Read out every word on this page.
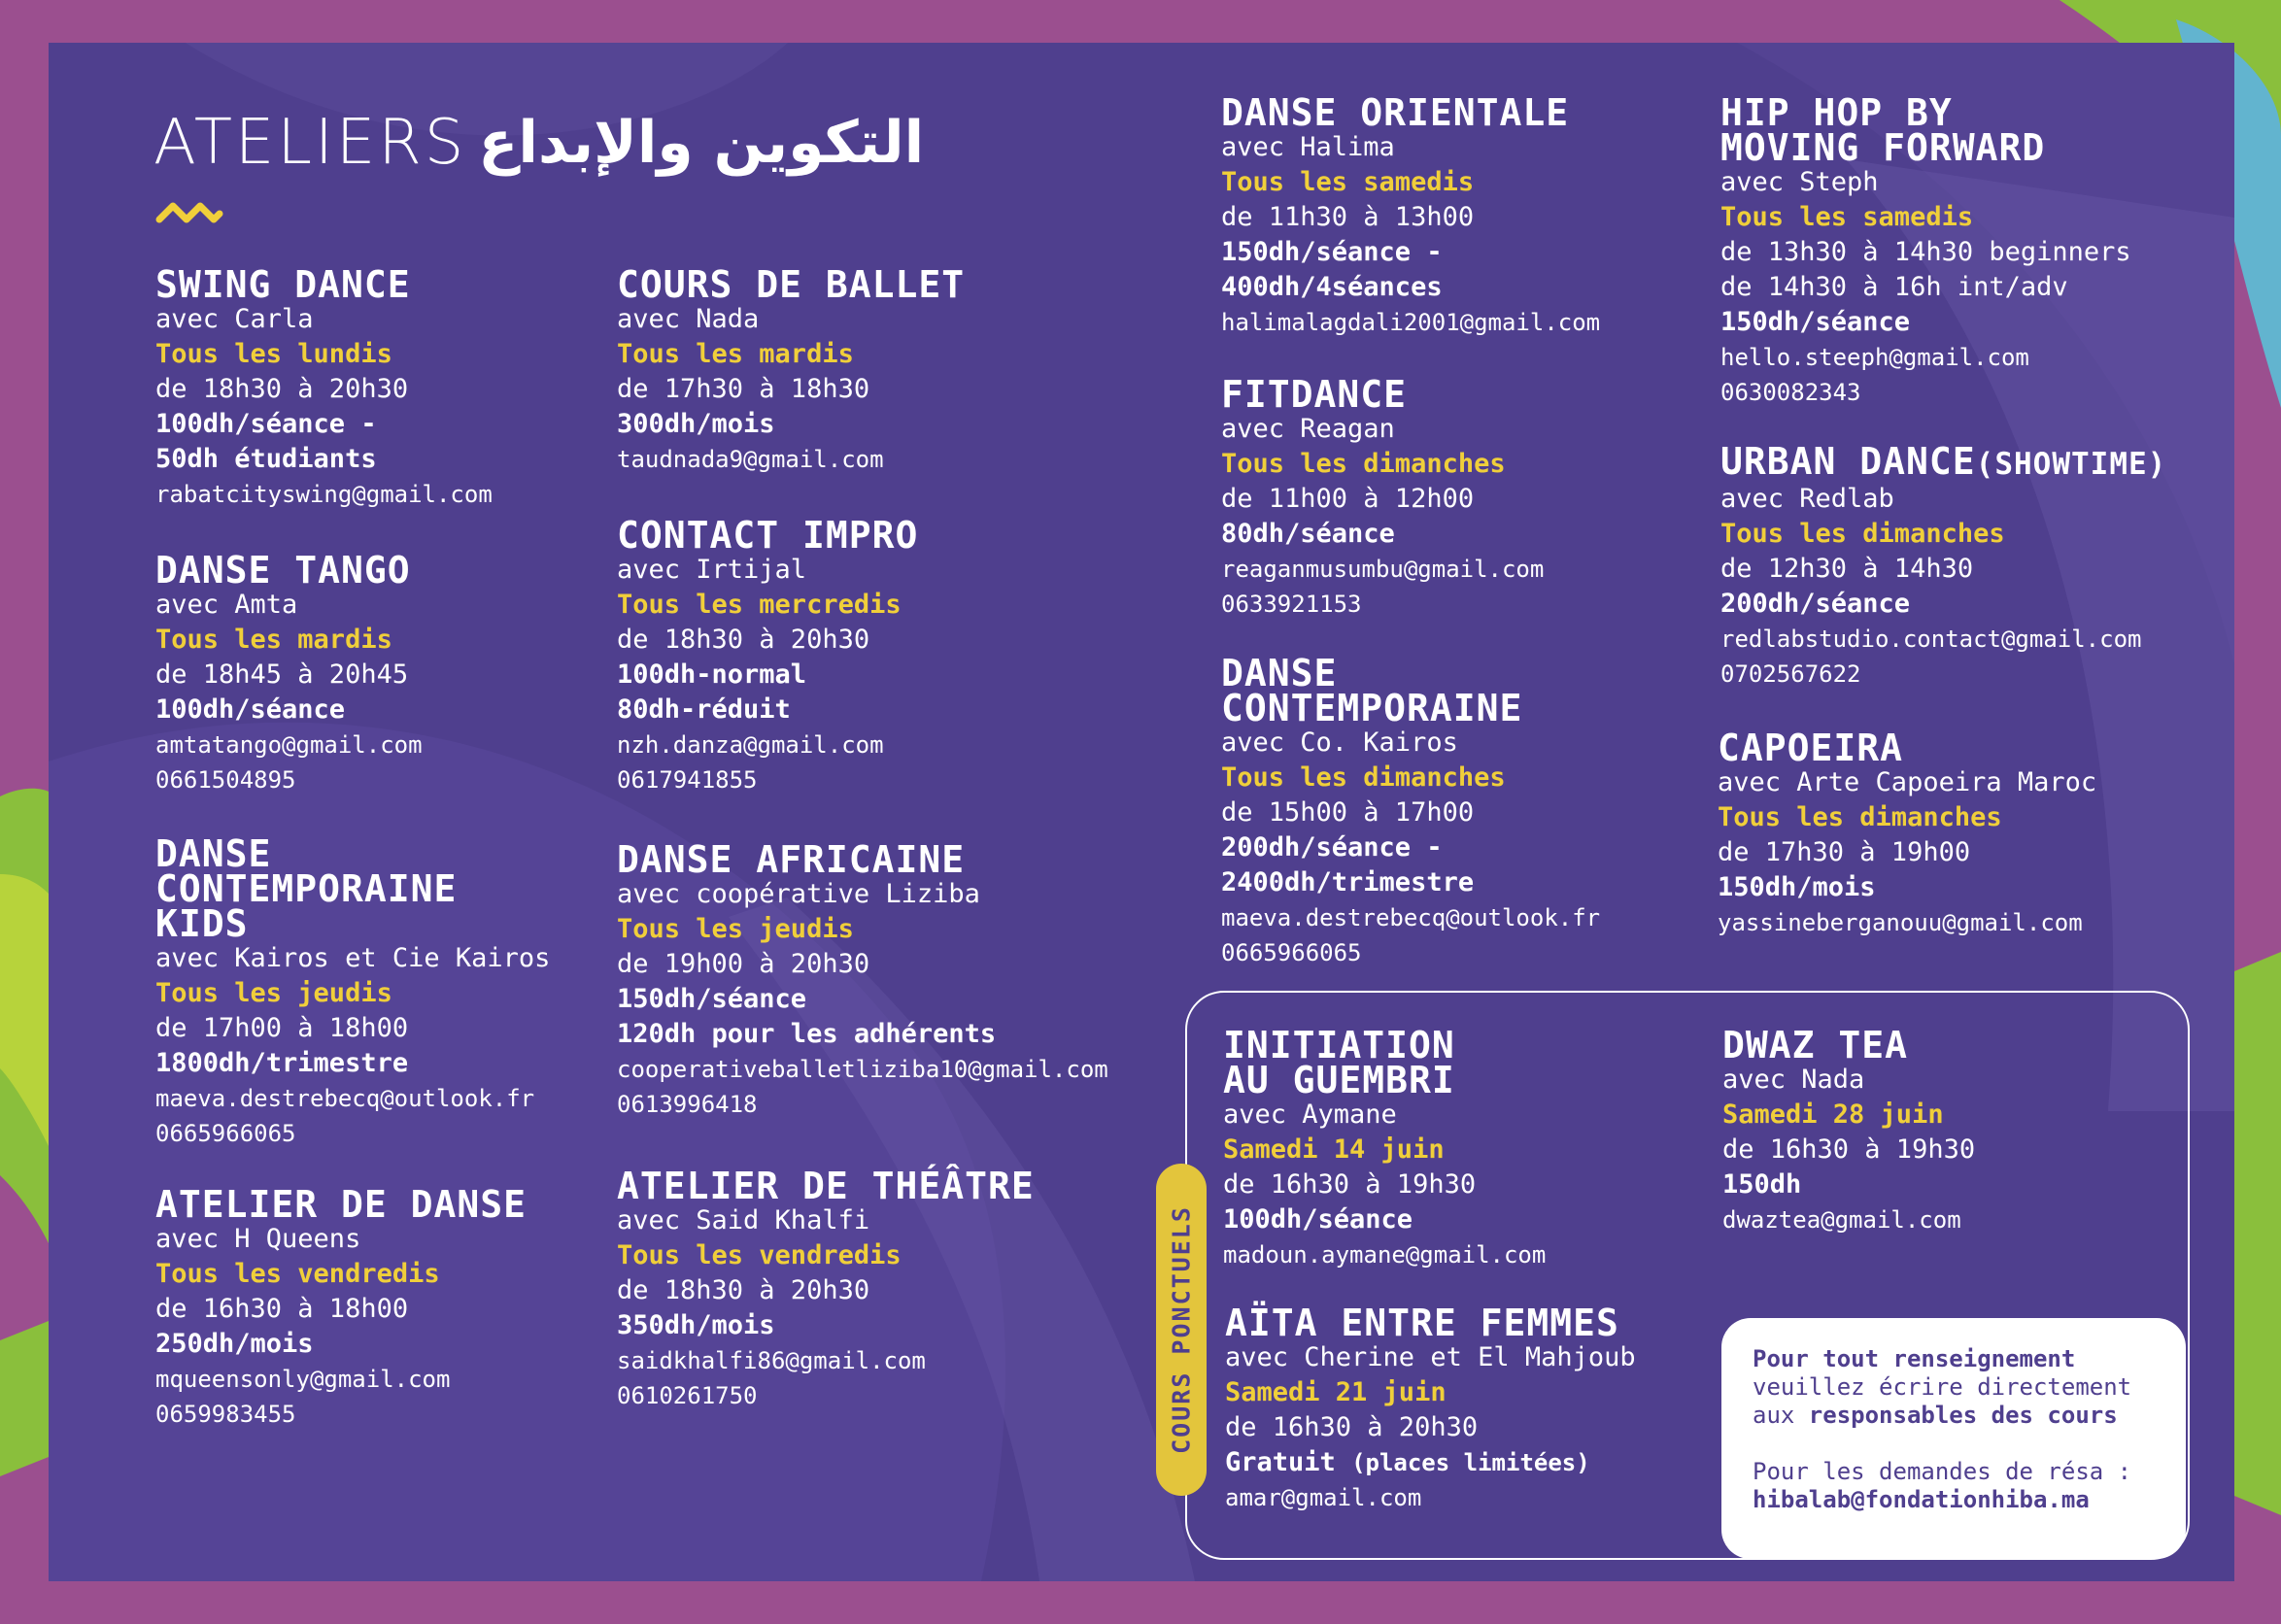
ATELIERS التكوين والإبداع
SWING DANCE
avec Carla
Tous les lundis
de 18h30 à 20h30
100dh/séance -
50dh étudiants
rabatcityswing@gmail.com
DANSE TANGO
avec Amta
Tous les mardis
de 18h45 à 20h45
100dh/séance
amtatango@gmail.com
0661504895
DANSE
CONTEMPORAINE
KIDS
avec Kairos et Cie Kairos
Tous les jeudis
de 17h00 à 18h00
1800dh/trimestre
maeva.destrebecq@outlook.fr
0665966065
ATELIER DE DANSE
avec H Queens
Tous les vendredis
de 16h30 à 18h00
250dh/mois
mqueensonly@gmail.com
0659983455
COURS DE BALLET
avec Nada
Tous les mardis
de 17h30 à 18h30
300dh/mois
taudnada9@gmail.com
CONTACT IMPRO
avec Irtijal
Tous les mercredis
de 18h30 à 20h30
100dh-normal
80dh-réduit
nzh.danza@gmail.com
0617941855
DANSE AFRICAINE
avec coopérative Liziba
Tous les jeudis
de 19h00 à 20h30
150dh/séance
120dh pour les adhérents
cooperativeballetliziba10@gmail.com
0613996418
ATELIER DE THÉÂTRE
avec Said Khalfi
Tous les vendredis
de 18h30 à 20h30
350dh/mois
saidkhalfi86@gmail.com
0610261750
DANSE ORIENTALE
avec Halima
Tous les samedis
de 11h30 à 13h00
150dh/séance -
400dh/4séances
halimalagdali2001@gmail.com
FITDANCE
avec Reagan
Tous les dimanches
de 11h00 à 12h00
80dh/séance
reaganmusumbu@gmail.com
0633921153
DANSE
CONTEMPORAINE
avec Co. Kairos
Tous les dimanches
de 15h00 à 17h00
200dh/séance -
2400dh/trimestre
maeva.destrebecq@outlook.fr
0665966065
HIP HOP BY
MOVING FORWARD
avec Steph
Tous les samedis
de 13h30 à 14h30 beginners
de 14h30 à 16h int/adv
150dh/séance
hello.steeph@gmail.com
0630082343
URBAN DANCE(SHOWTIME)
avec Redlab
Tous les dimanches
de 12h30 à 14h30
200dh/séance
redlabstudio.contact@gmail.com
0702567622
CAPOEIRA
avec Arte Capoeira Maroc
Tous les dimanches
de 17h30 à 19h00
150dh/mois
yassineberganouu@gmail.com
COURS PONCTUELS
INITIATION
AU GUEMBRI
avec Aymane
Samedi 14 juin
de 16h30 à 19h30
100dh/séance
madoun.aymane@gmail.com
AÏTA ENTRE FEMMES
avec Cherine et El Mahjoub
Samedi 21 juin
de 16h30 à 20h30
Gratuit (places limitées)
amar@gmail.com
DWAZ TEA
avec Nada
Samedi 28 juin
de 16h30 à 19h30
150dh
dwaztea@gmail.com
Pour tout renseignement
veuillez écrire directement
aux responsables des cours
Pour les demandes de résa :
hibalab@fondationhiba.ma
